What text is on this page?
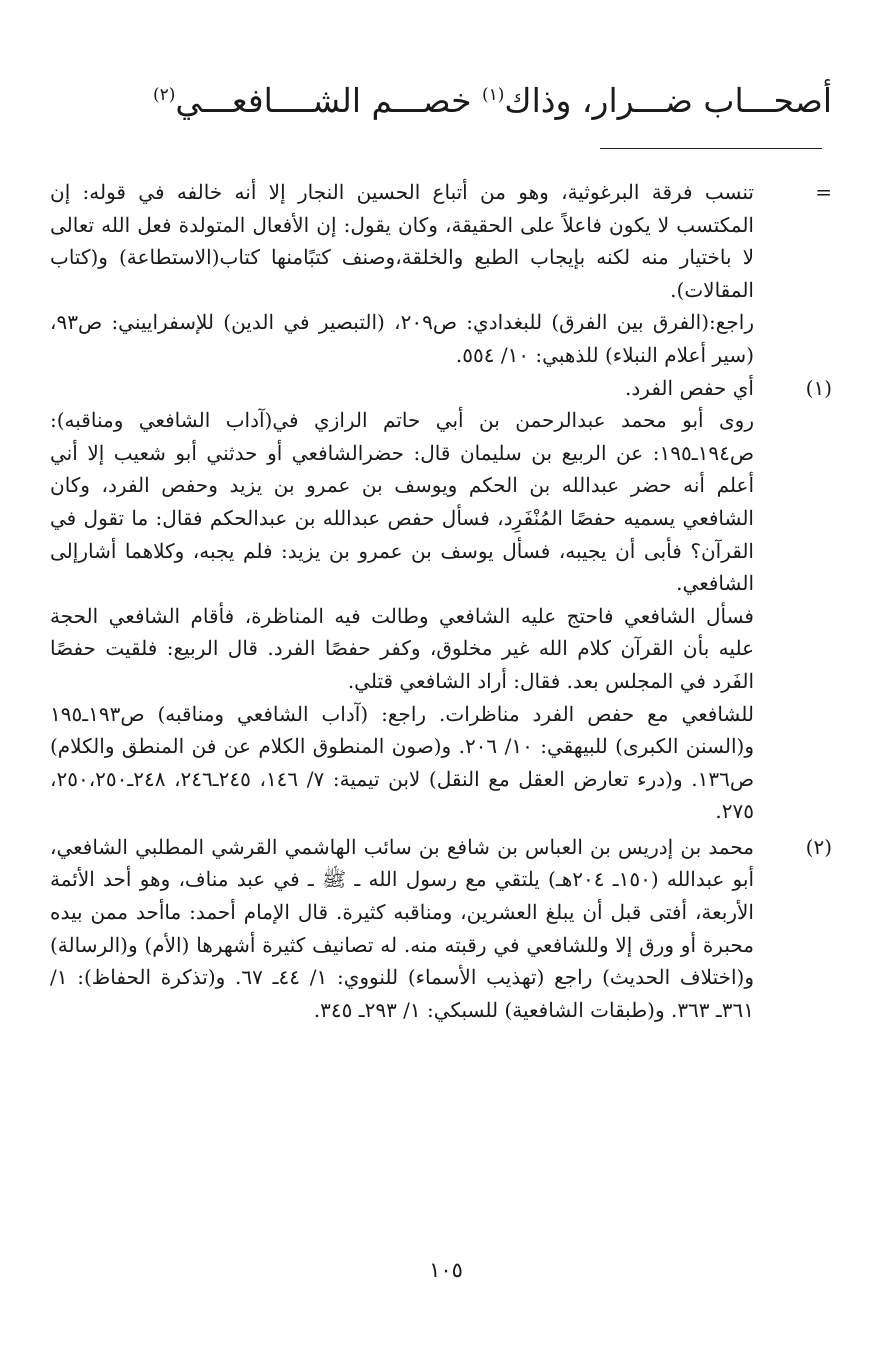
أصحـــاب ضـــرار، وذاك$^{(١)}$ خصـــم الشــــافعـــي$^{(٢)}$
=

تنسب فرقة البرغوثية، وهو من أتباع الحسين النجار إلا أنه خالفه في قوله: إن المكتسب لا يكون فاعلاً على الحقيقة، وكان يقول: إن الأفعال المتولدة فعل الله تعالى لا باختيار منه لكنه بإيجاب الطبع والخلقة،وصنف كتبًامنها كتاب(الاستطاعة) و(كتاب المقالات).

راجع:(الفرق بين الفرق) للبغدادي: ص٢٠٩، (التبصير في الدين) للإسفراييني: ص٩٣، (سير أعلام النبلاء) للذهبي: ١٠/ ٥٥٤.

(١)

أي حفص الفرد.

روى أبو محمد عبدالرحمن بن أبي حاتم الرازي في(آداب الشافعي ومناقبه): ص١٩٤ـ١٩٥: عن الربيع بن سليمان قال: حضرالشافعي أو حدثني أبو شعيب إلا أني أعلم أنه حضر عبدالله بن الحكم ويوسف بن عمرو بن يزيد وحفص الفرد، وكان الشافعي يسميه حفصًا المُنْفَرِد، فسأل حفص عبدالله بن عبدالحكم فقال: ما تقول في القرآن؟ فأبى أن يجيبه، فسأل يوسف بن عمرو بن يزيد: فلم يجبه، وكلاهما أشارإلى الشافعي.

فسأل الشافعي فاحتج عليه الشافعي وطالت فيه المناظرة، فأقام الشافعي الحجة عليه بأن القرآن كلام الله غير مخلوق، وكفر حفصًا الفرد. قال الربيع: فلقيت حفصًا الفَرد في المجلس بعد. فقال: أراد الشافعي قتلي.

للشافعي مع حفص الفرد مناظرات. راجع: (آداب الشافعي ومناقبه) ص١٩٣ـ١٩٥ و(السنن الكبرى) للبيهقي: ١٠/ ٢٠٦. و(صون المنطوق الكلام عن فن المنطق والكلام) ص١٣٦. و(درء تعارض العقل مع النقل) لابن تيمية: ٧/ ١٤٦، ٢٤٥ـ٢٤٦، ٢٤٨ـ٢٥٠،٢٥٠، ٢٧٥.

(٢)

محمد بن إدريس بن العباس بن شافع بن سائب الهاشمي القرشي المطلبي الشافعي، أبو عبدالله (١٥٠ـ ٢٠٤هـ) يلتقي مع رسول الله ـ ﷺ ـ في عبد مناف، وهو أحد الأئمة الأربعة، أفتى قبل أن يبلغ العشرين، ومناقبه كثيرة. قال الإمام أحمد: ماأحد ممن بيده محبرة أو ورق إلا وللشافعي في رقبته منه. له تصانيف كثيرة أشهرها (الأم) و(الرسالة) و(اختلاف الحديث) راجع (تهذيب الأسماء) للنووي: ١/ ٤٤ـ ٦٧. و(تذكرة الحفاظ): ١/ ٣٦١ـ ٣٦٣. و(طبقات الشافعية) للسبكي: ١/ ٢٩٣ـ ٣٤٥.

١٠٥
